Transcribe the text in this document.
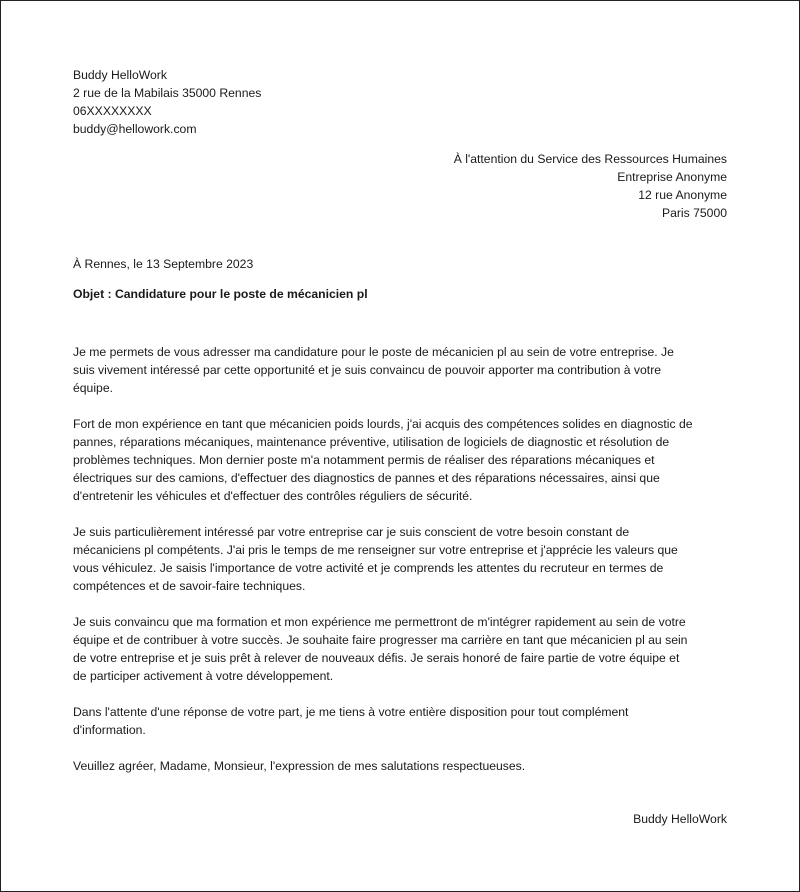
Buddy HelloWork
2 rue de la Mabilais 35000 Rennes
06XXXXXXXX
buddy@hellowork.com
À l'attention du Service des Ressources Humaines
Entreprise Anonyme
12 rue Anonyme
Paris 75000
À Rennes, le 13 Septembre 2023
Objet : Candidature pour le poste de mécanicien pl
Je me permets de vous adresser ma candidature pour le poste de mécanicien pl au sein de votre entreprise. Je
suis vivement intéressé par cette opportunité et je suis convaincu de pouvoir apporter ma contribution à votre
équipe.
Fort de mon expérience en tant que mécanicien poids lourds, j'ai acquis des compétences solides en diagnostic de
pannes, réparations mécaniques, maintenance préventive, utilisation de logiciels de diagnostic et résolution de
problèmes techniques. Mon dernier poste m'a notamment permis de réaliser des réparations mécaniques et
électriques sur des camions, d'effectuer des diagnostics de pannes et des réparations nécessaires, ainsi que
d'entretenir les véhicules et d'effectuer des contrôles réguliers de sécurité.
Je suis particulièrement intéressé par votre entreprise car je suis conscient de votre besoin constant de
mécaniciens pl compétents. J'ai pris le temps de me renseigner sur votre entreprise et j'apprécie les valeurs que
vous véhiculez. Je saisis l'importance de votre activité et je comprends les attentes du recruteur en termes de
compétences et de savoir-faire techniques.
Je suis convaincu que ma formation et mon expérience me permettront de m'intégrer rapidement au sein de votre
équipe et de contribuer à votre succès. Je souhaite faire progresser ma carrière en tant que mécanicien pl au sein
de votre entreprise et je suis prêt à relever de nouveaux défis. Je serais honoré de faire partie de votre équipe et
de participer activement à votre développement.
Dans l'attente d'une réponse de votre part, je me tiens à votre entière disposition pour tout complément
d'information.
Veuillez agréer, Madame, Monsieur, l'expression de mes salutations respectueuses.
Buddy HelloWork
